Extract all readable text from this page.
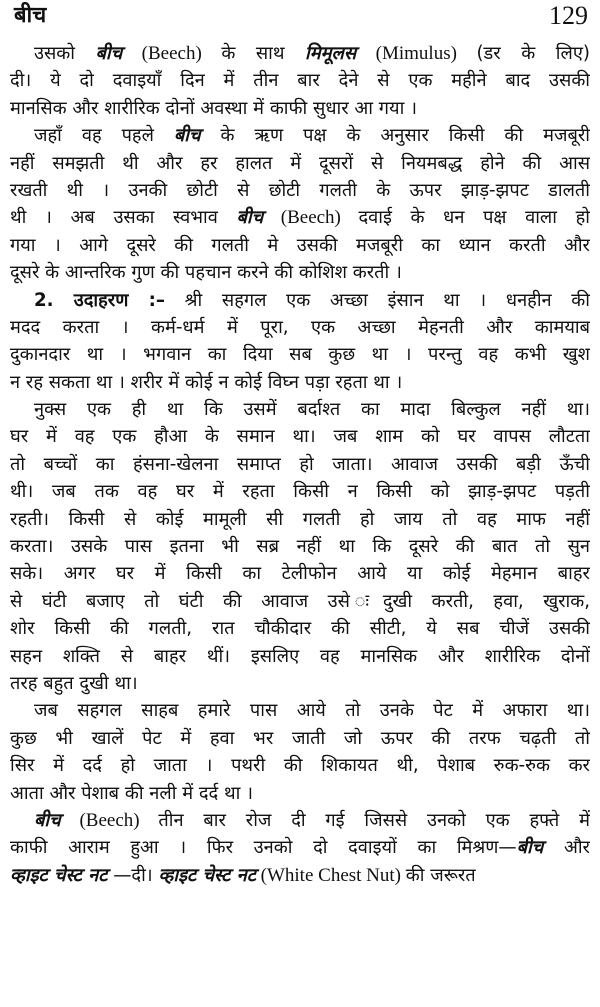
बीच	129
उसको बीच (Beech) के साथ मिमूलस (Mimulus) (डर के लिए)
दी। ये दो दवाइयाँ दिन में तीन बार देने से एक महीने बाद उसकी
मानसिक और शारीरिक दोनों अवस्था में काफी सुधार आ गया ।
जहाँ वह पहले बीच के ऋण पक्ष के अनुसार किसी की मजबूरी
नहीं समझती थी और हर हालत में दूसरों से नियमबद्ध होने की आस
रखती थी । उनकी छोटी से छोटी गलती के ऊपर झाड़-झपट डालती
थी । अब उसका स्वभाव बीच (Beech) दवाई के धन पक्ष वाला हो
गया । आगे दूसरे की गलती मे उसकी मजबूरी का ध्यान करती और
दूसरे के आन्तरिक गुण की पहचान करने की कोशिश करती ।
2. उदाहरण :– श्री सहगल एक अच्छा इंसान था । धनहीन की
मदद करता । कर्म-धर्म में पूरा, एक अच्छा मेहनती और कामयाब
दुकानदार था । भगवान का दिया सब कुछ था । परन्तु वह कभी खुश
न रह सकता था । शरीर में कोई न कोई विघ्न पड़ा रहता था ।
नुक्स एक ही था कि उसमें बर्दाश्त का मादा बिल्कुल नहीं था।
घर में वह एक हौआ के समान था। जब शाम को घर वापस लौटता
तो बच्चों का हंसना-खेलना समाप्त हो जाता। आवाज उसकी बड़ी ऊँची
थी। जब तक वह घर में रहता किसी न किसी को झाड़-झपट पड़ती
रहती। किसी से कोई मामूली सी गलती हो जाय तो वह माफ नहीं
करता। उसके पास इतना भी सब्र नहीं था कि दूसरे की बात तो सुन
सके। अगर घर में किसी का टेलीफोन आये या कोई मेहमान बाहर
से घंटी बजाए तो घंटी की आवाज उसे ःदुखी करती, हवा, खुराक,
शोर किसी की गलती, रात चौकीदार की सीटी, ये सब चीजें उसकी
सहन शक्ति से बाहर थीं। इसलिए वह मानसिक और शारीरिक दोनों
तरह बहुत दुखी था।
जब सहगल साहब हमारे पास आये तो उनके पेट में अफारा था।
कुछ भी खालें पेट में हवा भर जाती जो ऊपर की तरफ चढ़ती तो
सिर में दर्द हो जाता । पथरी की शिकायत थी, पेशाब रुक-रुक कर
आता और पेशाब की नली में दर्द था ।
बीच (Beech) तीन बार रोज दी गई जिससे उनको एक हफ्ते में
काफी आराम हुआ । फिर उनको दो दवाइयों का मिश्रण—बीच और
व्हाइट चेस्ट नट —दी। व्हाइट चेस्ट नट (White Chest Nut) की जरूरत
